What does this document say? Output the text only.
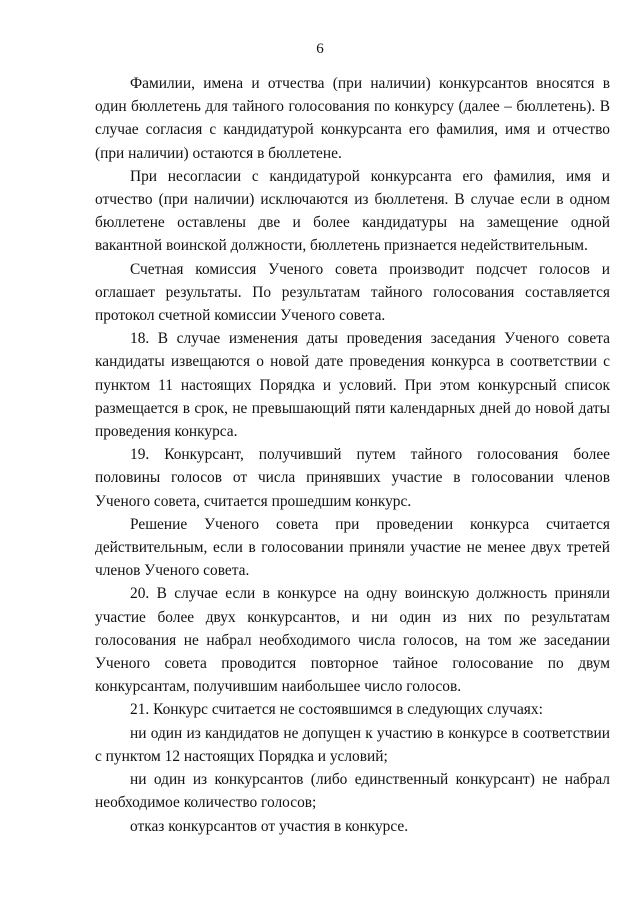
6

Фамилии, имена и отчества (при наличии) конкурсантов вносятся в один бюллетень для тайного голосования по конкурсу (далее – бюллетень). В случае согласия с кандидатурой конкурсанта его фамилия, имя и отчество (при наличии) остаются в бюллетене.

При несогласии с кандидатурой конкурсанта его фамилия, имя и отчество (при наличии) исключаются из бюллетеня. В случае если в одном бюллетене оставлены две и более кандидатуры на замещение одной вакантной воинской должности, бюллетень признается недействительным.

Счетная комиссия Ученого совета производит подсчет голосов и оглашает результаты. По результатам тайного голосования составляется протокол счетной комиссии Ученого совета.

18. В случае изменения даты проведения заседания Ученого совета кандидаты извещаются о новой дате проведения конкурса в соответствии с пунктом 11 настоящих Порядка и условий. При этом конкурсный список размещается в срок, не превышающий пяти календарных дней до новой даты проведения конкурса.

19. Конкурсант, получивший путем тайного голосования более половины голосов от числа принявших участие в голосовании членов Ученого совета, считается прошедшим конкурс.

Решение Ученого совета при проведении конкурса считается действительным, если в голосовании приняли участие не менее двух третей членов Ученого совета.

20. В случае если в конкурсе на одну воинскую должность приняли участие более двух конкурсантов, и ни один из них по результатам голосования не набрал необходимого числа голосов, на том же заседании Ученого совета проводится повторное тайное голосование по двум конкурсантам, получившим наибольшее число голосов.

21. Конкурс считается не состоявшимся в следующих случаях:

ни один из кандидатов не допущен к участию в конкурсе в соответствии с пунктом 12 настоящих Порядка и условий;

ни один из конкурсантов (либо единственный конкурсант) не набрал необходимое количество голосов;

отказ конкурсантов от участия в конкурсе.
